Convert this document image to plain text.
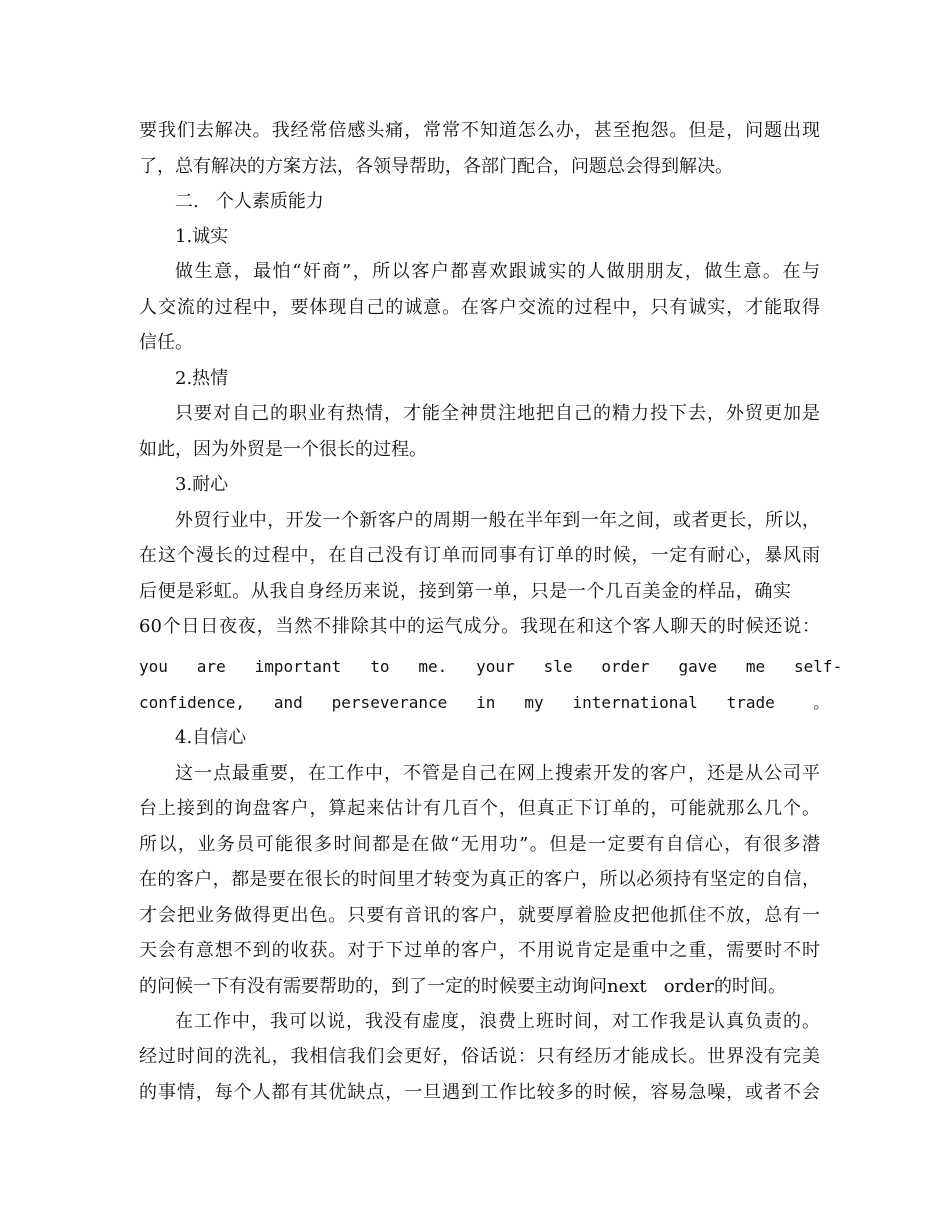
要我们去解决。我经常倍感头痛，常常不知道怎么办，甚至抱怨。但是，问题出现

了，总有解决的方案方法，各领导帮助，各部门配合，问题总会得到解决。

二.   个人素质能力

1.诚实

做生意，最怕“奸商”，所以客户都喜欢跟诚实的人做朋朋友，做生意。在与

人交流的过程中，要体现自己的诚意。在客户交流的过程中，只有诚实，才能取得

信任。

2.热情

只要对自己的职业有热情，才能全神贯注地把自己的精力投下去，外贸更加是

如此，因为外贸是一个很长的过程。

3.耐心

外贸行业中，开发一个新客户的周期一般在半年到一年之间，或者更长，所以，

在这个漫长的过程中，在自己没有订单而同事有订单的时候，一定有耐心，暴风雨

后便是彩虹。从我自身经历来说，接到第一单，只是一个几百美金的样品，确实

60个日日夜夜，当然不排除其中的运气成分。我现在和这个客人聊天的时候还说：

you   are   important   to   me.   your   sle   order   gave   me   self-

confidence,   and   perseverance   in   my   international   trade    。

4.自信心

这一点最重要，在工作中，不管是自己在网上搜索开发的客户，还是从公司平

台上接到的询盘客户，算起来估计有几百个，但真正下订单的，可能就那么几个。

所以，业务员可能很多时间都是在做“无用功”。但是一定要有自信心，有很多潜

在的客户，都是要在很长的时间里才转变为真正的客户，所以必须持有坚定的自信，

才会把业务做得更出色。只要有音讯的客户，就要厚着脸皮把他抓住不放，总有一

天会有意想不到的收获。对于下过单的客户，不用说肯定是重中之重，需要时不时

的问候一下有没有需要帮助的，到了一定的时候要主动询问next   order的时间。

在工作中，我可以说，我没有虚度，浪费上班时间，对工作我是认真负责的。

经过时间的洗礼，我相信我们会更好，俗话说：只有经历才能成长。世界没有完美

的事情，每个人都有其优缺点，一旦遇到工作比较多的时候，容易急噪，或者不会
